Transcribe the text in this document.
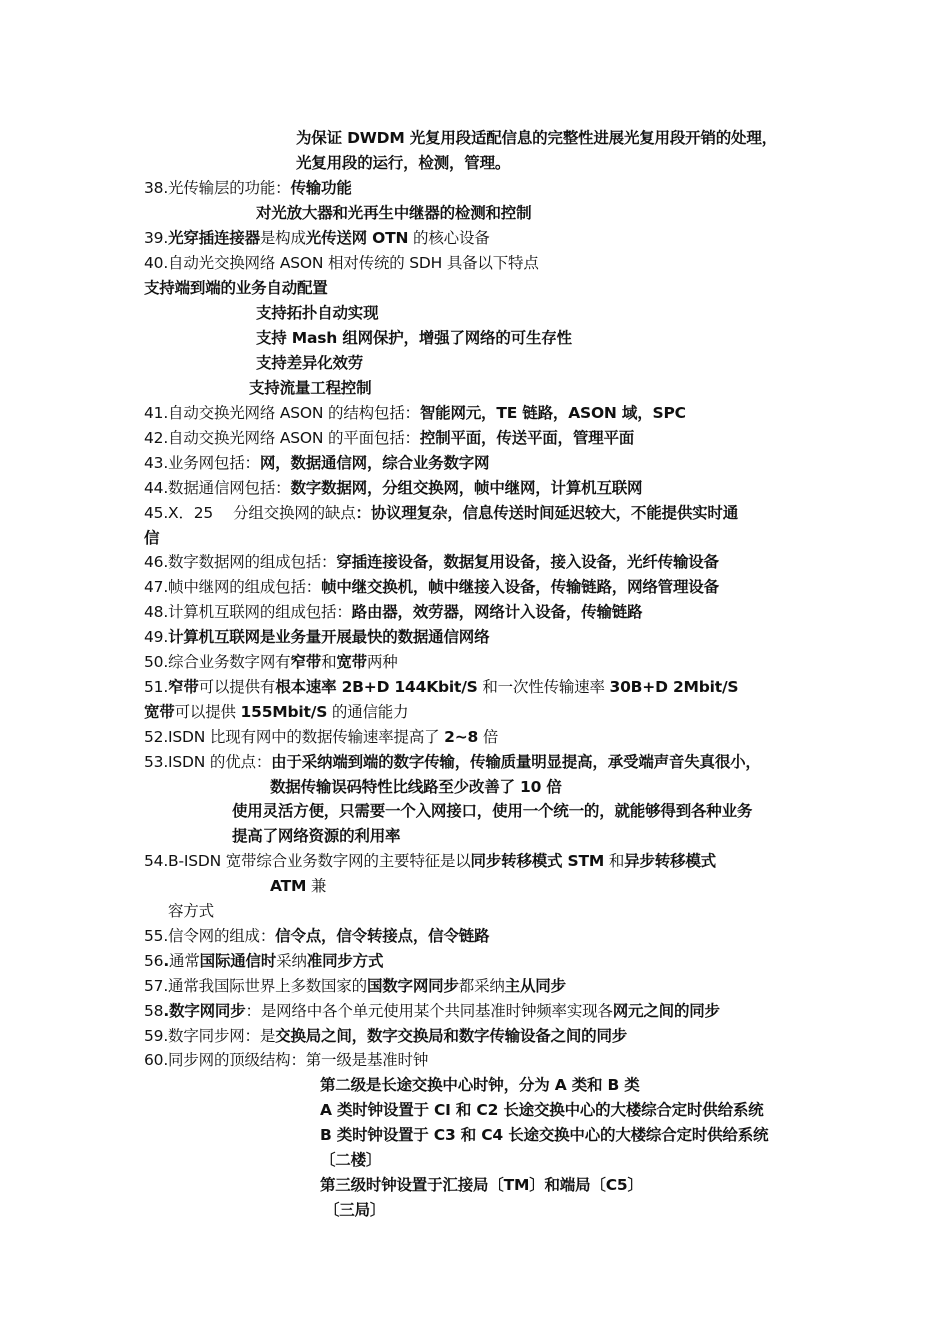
为保证 DWDM 光复用段适配信息的完整性进展光复用段开销的处理，
光复用段的运行，检测，管理。
38.光传输层的功能：传输功能
对光放大器和光再生中继器的检测和控制
39.光穿插连接器是构成光传送网 OTN 的核心设备
40.自动光交换网络 ASON 相对传统的 SDH 具备以下特点
支持端到端的业务自动配置
支持拓扑自动实现
支持 Mash 组网保护，增强了网络的可生存性
支持差异化效劳
支持流量工程控制
41.自动交换光网络 ASON 的结构包括：智能网元，TE 链路，ASON 域，SPC
42.自动交换光网络 ASON 的平面包括：控制平面，传送平面，管理平面
43.业务网包括：网，数据通信网，综合业务数字网
44.数据通信网包括：数字数据网，分组交换网，帧中继网，计算机互联网
45.X．25　 分组交换网的缺点：协议理复杂，信息传送时间延迟较大，不能提供实时通
信
46.数字数据网的组成包括：穿插连接设备，数据复用设备，接入设备，光纤传输设备
47.帧中继网的组成包括：帧中继交换机，帧中继接入设备，传输链路，网络管理设备
48.计算机互联网的组成包括：路由器，效劳器，网络计入设备，传输链路
49.计算机互联网是业务量开展最快的数据通信网络
50.综合业务数字网有窄带和宽带两种
51.窄带可以提供有根本速率 2B+D 144Kbit/S 和一次性传输速率 30B+D 2Mbit/S
宽带可以提供 155Mbit/S 的通信能力
52.ISDN 比现有网中的数据传输速率提高了 2~8 倍
53.ISDN 的优点：由于采纳端到端的数字传输，传输质量明显提高，承受端声音失真很小，
数据传输误码特性比线路至少改善了 10 倍
使用灵活方便，只需要一个入网接口，使用一个统一的，就能够得到各种业务
提高了网络资源的利用率
54.B-ISDN 宽带综合业务数字网的主要特征是以同步转移模式 STM 和异步转移模式
ATM 兼
容方式
55.信令网的组成：信令点，信令转接点，信令链路
56.通常国际通信时采纳准同步方式
57.通常我国际世界上多数国家的国数字网同步都采纳主从同步
58.数字网同步：是网络中各个单元使用某个共同基准时钟频率实现各网元之间的同步
59.数字同步网：是交换局之间，数字交换局和数字传输设备之间的同步
60.同步网的顶级结构：第一级是基准时钟
第二级是长途交换中心时钟，分为 A 类和 B 类
A 类时钟设置于 CI 和 C2 长途交换中心的大楼综合定时供给系统
B 类时钟设置于 C3 和 C4 长途交换中心的大楼综合定时供给系统
〔二楼〕
第三级时钟设置于汇接局〔TM〕和端局〔C5〕
〔三局〕
